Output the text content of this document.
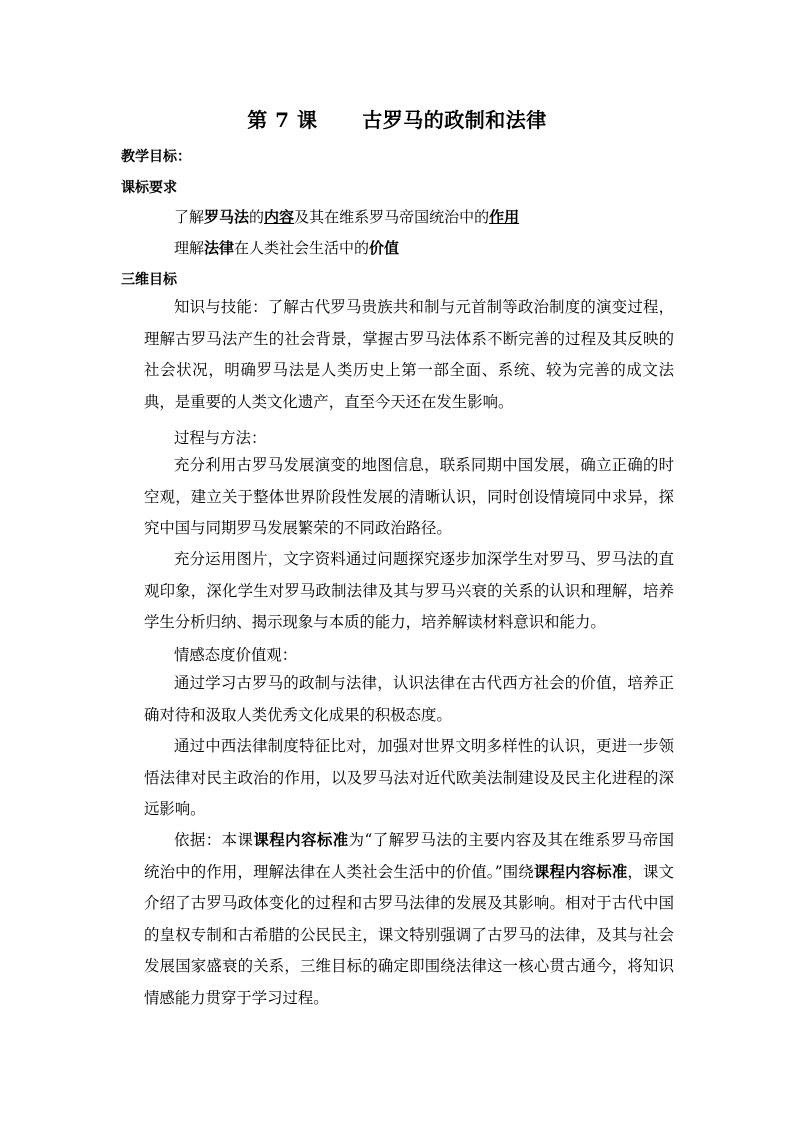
第 7 课      古罗马的政制和法律
教学目标：
课标要求
了解罗马法的内容及其在维系罗马帝国统治中的作用
理解法律在人类社会生活中的价值
三维目标

知识与技能：了解古代罗马贵族共和制与元首制等政治制度的演变过程，理解古罗马法产生的社会背景，掌握古罗马法体系不断完善的过程及其反映的社会状况，明确罗马法是人类历史上第一部全面、系统、较为完善的成文法典，是重要的人类文化遗产，直至今天还在发生影响。

过程与方法：

充分利用古罗马发展演变的地图信息，联系同期中国发展，确立正确的时空观，建立关于整体世界阶段性发展的清晰认识，同时创设情境同中求异，探究中国与同期罗马发展繁荣的不同政治路径。

充分运用图片，文字资料通过问题探究逐步加深学生对罗马、罗马法的直观印象，深化学生对罗马政制法律及其与罗马兴衰的关系的认识和理解，培养学生分析归纳、揭示现象与本质的能力，培养解读材料意识和能力。

情感态度价值观：

通过学习古罗马的政制与法律，认识法律在古代西方社会的价值，培养正确对待和汲取人类优秀文化成果的积极态度。

通过中西法律制度特征比对，加强对世界文明多样性的认识，更进一步领悟法律对民主政治的作用，以及罗马法对近代欧美法制建设及民主化进程的深远影响。

依据：本课课程内容标准为“了解罗马法的主要内容及其在维系罗马帝国统治中的作用，理解法律在人类社会生活中的价值。”围绕课程内容标准，课文介绍了古罗马政体变化的过程和古罗马法律的发展及其影响。相对于古代中国的皇权专制和古希腊的公民民主，课文特别强调了古罗马的法律，及其与社会发展国家盛衰的关系，三维目标的确定即围绕法律这一核心贯古通今，将知识情感能力贯穿于学习过程。
